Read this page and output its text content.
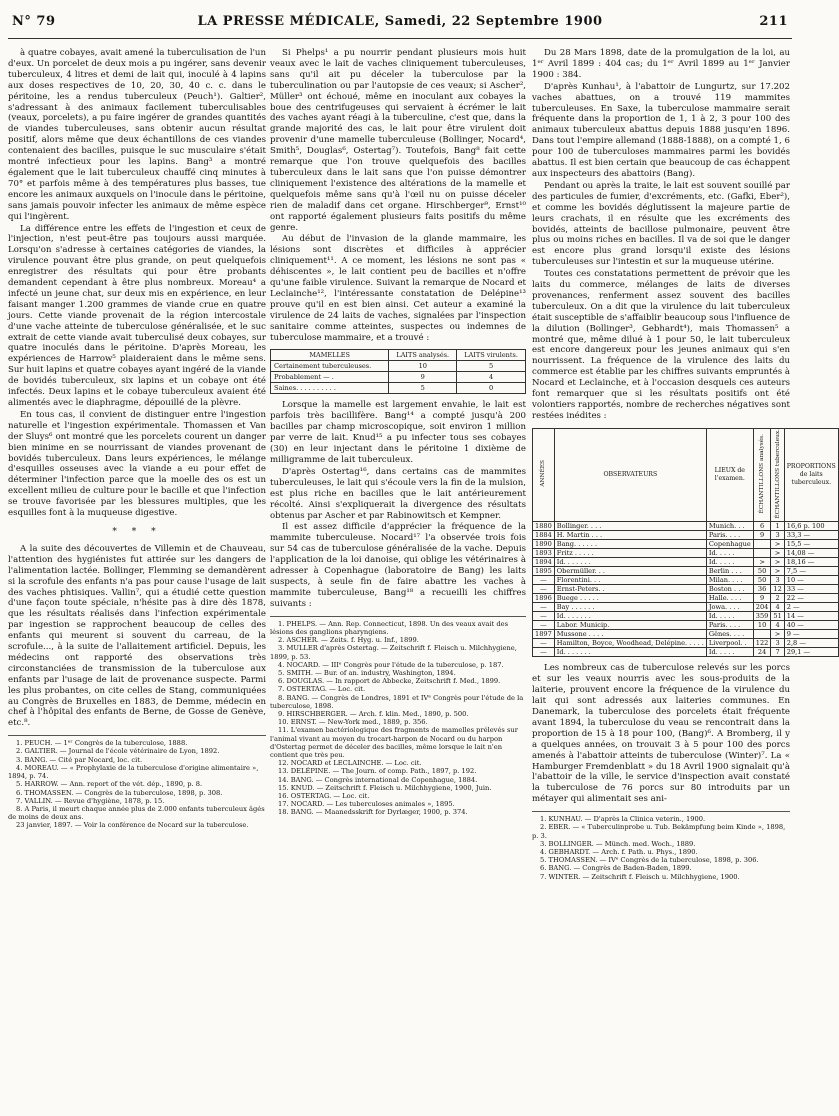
N° 79	LA PRESSE MÉDICALE, Samedi, 22 Septembre 1900	211

à quatre cobayes, avait amené la tuberculisation de l'un d'eux. Un porcelet de deux mois a pu ingérer, sans devenir tuberculeux, 4 litres et demi de lait qui, inoculé à 4 lapins aux doses respectives de 10, 20, 30, 40 c. c. dans le péritoine, les a rendus tuberculeux (Peuch¹). Galtier², s'adressant à des animaux facilement tuberculisables (veaux, porcelets), a pu faire ingérer de grandes quantités de viandes tuberculeuses, sans obtenir aucun résultat positif, alors même que deux échantillons de ces viandes contenaient des bacilles, puisque le suc musculaire s'était montré infectieux pour les lapins. Bang³ a montré également que le lait tuberculeux chauffé cinq minutes à 70° et parfois même à des températures plus basses, tue encore les animaux auxquels on l'inocule dans le péritoine, sans jamais pouvoir infecter les animaux de même espèce qui l'ingèrent.

La différence entre les effets de l'ingestion et ceux de l'injection, n'est peut-être pas toujours aussi marquée. Lorsqu'on s'adresse à certaines catégories de viandes, la virulence pouvant être plus grande, on peut quelquefois enregistrer des résultats qui pour être probants demandent cependant à être plus nombreux. Moreau⁴ a infecté un jeune chat, sur deux mis en expérience, en leur faisant manger 1.200 grammes de viande crue en quatre jours. Cette viande provenait de la région intercostale d'une vache atteinte de tuberculose généralisée, et le suc extrait de cette viande avait tuberculisé deux cobayes, sur quatre inoculés dans le péritoine. D'après Moreau, les expériences de Harrow⁵ plaideraient dans le même sens. Sur huit lapins et quatre cobayes ayant ingéré de la viande de bovidés tuberculeux, six lapins et un cobaye ont été infectés. Deux lapins et le cobaye tuberculeux avaient été alimentés avec le diaphragme, dépouillé de la plèvre.

En tous cas, il convient de distinguer entre l'ingestion naturelle et l'ingestion expérimentale. Thomassen et Van der Sluys⁶ ont montré que les porcelets courent un danger bien minime en se nourrissant de viandes provenant de bovidés tuberculeux. Dans leurs expériences, le mélange d'esquilles osseuses avec la viande a eu pour effet de déterminer l'infection parce que la moelle des os est un excellent milieu de culture pour le bacille et que l'infection se trouve favorisée par les blessures multiples, que les esquilles font à la muqueuse digestive.

* * *

A la suite des découvertes de Villemin et de Chauveau, l'attention des hygiénistes fut attirée sur les dangers de l'alimentation lactée. Bollinger, Flemming se demandèrent si la scrofule des enfants n'a pas pour cause l'usage de lait des vaches phtisiques. Vallin⁷, qui a étudié cette question d'une façon toute spéciale, n'hésite pas à dire dès 1878, que les résultats réalisés dans l'infection expérimentale par ingestion se rapprochent beaucoup de celles des enfants qui meurent si souvent du carreau, de la scrofule..., à la suite de l'allaitement artificiel. Depuis, les médecins ont rapporté des observations très circonstanciées de transmission de la tuberculose aux enfants par l'usage de lait de provenance suspecte. Parmi les plus probantes, on cite celles de Stang, communiquées au Congrès de Bruxelles en 1883, de Demme, médecin en chef à l'hôpital des enfants de Berne, de Gosse de Genève, etc.⁸.

1. PEUCH. — 1ᵉʳ Congrès de la tuberculose, 1888.
2. GALTIER. — Journal de l'école vétérinaire de Lyon, 1892.
3. BANG. — Cité par Nocard, loc. cit.
4. MOREAU. — « Prophylaxie de la tuberculose d'origine alimentaire », 1894, p. 74.
5. HARROW. — Ann. report of the vét. dép., 1890, p. 8.
6. THOMASSEN. — Congrès de la tuberculose, 1898, p. 308.
7. VALLIN. — Revue d'hygiène, 1878, p. 15.
8. A Paris, il meurt chaque année plus de 2.000 enfants tuberculeux âgés de moins de deux ans.
23 janvier, 1897. — Voir la conférence de Nocard sur la tuberculose.

Si Phelps¹ a pu nourrir pendant plusieurs mois huit veaux avec le lait de vaches cliniquement tuberculeuses, sans qu'il ait pu déceler la tuberculose par la tuberculination ou par l'autopsie de ces veaux; si Ascher², Müller³ ont échoué, même en inoculant aux cobayes la boue des centrifugeuses qui servaient à écrémer le lait des vaches ayant réagi à la tuberculine, c'est que, dans la grande majorité des cas, le lait pour être virulent doit provenir d'une mamelle tuberculeuse (Bollinger, Nocard⁴, Smith⁵, Douglas⁶, Ostertag⁷). Toutefois, Bang⁸ fait cette remarque que l'on trouve quelquefois des bacilles tuberculeux dans le lait sans que l'on puisse démontrer cliniquement l'existence des altérations de la mamelle et quelquefois même sans qu'à l'œil nu on puisse déceler rien de maladif dans cet organe. Hirschberger⁹, Ernst¹⁰ ont rapporté également plusieurs faits positifs du même genre.

Au début de l'invasion de la glande mammaire, les lésions sont discrètes et difficiles à apprécier cliniquement¹¹. A ce moment, les lésions ne sont pas « déhiscentes », le lait contient peu de bacilles et n'offre qu'une faible virulence. Suivant la remarque de Nocard et Leclainche¹², l'intéressante constatation de Delépine¹³ prouve qu'il en est bien ainsi. Cet auteur a examiné la virulence de 24 laits de vaches, signalées par l'inspection sanitaire comme atteintes, suspectes ou indemnes de tuberculose mammaire, et a trouvé :

MAMELLES	LAITS analysés.	LAITS virulents.
Certainement tuberculeuses.	10	5
Probablement — .	9	4
Saines. . . . . . . . . .	5	0

Lorsque la mamelle est largement envahie, le lait est parfois très bacillifère. Bang¹⁴ a compté jusqu'à 200 bacilles par champ microscopique, soit environ 1 million par verre de lait. Knud¹⁵ a pu infecter tous ses cobayes (30) en leur injectant dans le péritoine 1 dixième de milligramme de lait tuberculeux.

D'après Ostertag¹⁶, dans certains cas de mammites tuberculeuses, le lait qui s'écoule vers la fin de la mulsion, est plus riche en bacilles que le lait antérieurement récolté. Ainsi s'expliquerait la divergence des résultats obtenus par Ascher et par Rabinowitsch et Kempner.

Il est assez difficile d'apprécier la fréquence de la mammite tuberculeuse. Nocard¹⁷ l'a observée trois fois sur 54 cas de tuberculose généralisée de la vache. Depuis l'application de la loi danoise, qui oblige les vétérinaires à adresser à Copenhague (laboratoire de Bang) les laits suspects, à seule fin de faire abattre les vaches à mammite tuberculeuse, Bang¹⁸ a recueilli les chiffres suivants :

1. PHELPS. — Ann. Rep. Connecticut, 1898. Un des veaux avait des lésions des ganglions pharyngiens.
2. ASCHER. — Zeits. f. Hyg. u. Inf., 1899.
3. MULLER d'après Ostertag. — Zeitschrift f. Fleisch u. Milchhygiene, 1899, p. 53.
4. NOCARD. — IIIᵉ Congrès pour l'étude de la tuberculose, p. 187.
5. SMITH. — Bur. of an. industry, Washington, 1894.
6. DOUGLAS. — In rapport de Abbecke, Zeitschrift f. Med., 1899.
7. OSTERTAG. — Loc. cit.
8. BANG. — Congrès de Londres, 1891 et IVᵉ Congrès pour l'étude de la tuberculose, 1898.
9. HIRSCHBERGER. — Arch. f. klin. Med., 1890, p. 500.
10. ERNST. — New-York med., 1889, p. 356.
11. L'examen bactériologique des fragments de mamelles prélevés sur l'animal vivant au moyen du trocart-harpon de Nocard ou du harpon d'Ostertag permet de déceler des bacilles, même lorsque le lait n'en contient que très peu.
12. NOCARD et LECLAINCHE. — Loc. cit.
13. DELÉPINE. — The Journ. of comp. Path., 1897, p. 192.
14. BANG. — Congrès international de Copenhague, 1884.
15. KNUD. — Zeitschrift f. Fleisch u. Milchhygiene, 1900, Juin.
16. OSTERTAG. — Loc. cit.
17. NOCARD. — Les tuberculoses animales », 1895.
18. BANG. — Maanedsskrift for Dyrlæger, 1900, p. 374.

Du 28 Mars 1898, date de la promulgation de la loi, au 1ᵉʳ Avril 1899 : 404 cas; du 1ᵉʳ Avril 1899 au 1ᵉʳ Janvier 1900 : 384.

D'après Kunhau¹, à l'abattoir de Lungurtz, sur 17.202 vaches abattues, on a trouvé 119 mammites tuberculeuses. En Saxe, la tuberculose mammaire serait fréquente dans la proportion de 1, 1 à 2, 3 pour 100 des animaux tuberculeux abattus depuis 1888 jusqu'en 1896. Dans tout l'empire allemand (1888-1888), on a compté 1, 6 pour 100 de tuberculoses mammaires parmi les bovidés abattus. Il est bien certain que beaucoup de cas échappent aux inspecteurs des abattoirs (Bang).

Pendant ou après la traite, le lait est souvent souillé par des particules de fumier, d'excréments, etc. (Gafki, Eber²), et comme les bovidés déglutissent la majeure partie de leurs crachats, il en résulte que les excréments des bovidés, atteints de bacillose pulmonaire, peuvent être plus ou moins riches en bacilles. Il va de soi que le danger est encore plus grand lorsqu'il existe des lésions tuberculeuses sur l'intestin et sur la muqueuse utérine.

Toutes ces constatations permettent de prévoir que les laits du commerce, mélanges de laits de diverses provenances, renferment assez souvent des bacilles tuberculeux. On a dit que la virulence du lait tuberculeux était susceptible de s'affaiblir beaucoup sous l'influence de la dilution (Bollinger³, Gebhardt⁴), mais Thomassen⁵ a montré que, même dilué à 1 pour 50, le lait tuberculeux est encore dangereux pour les jeunes animaux qui s'en nourrissent. La fréquence de la virulence des laits du commerce est établie par les chiffres suivants empruntés à Nocard et Leclainche, et à l'occasion desquels ces auteurs font remarquer que si les résultats positifs ont été volontiers rapportés, nombre de recherches négatives sont restées inédites :

ANNÉES	OBSERVATEURS	LIEUX de l'examen.	ÉCHANTILLONS analysés.	ÉCHANTILLONS tuberculeux.	PROPORTIONS de laits tuberculeux.
1880	Bollinger. . . .	Munich. . .	6	1	16,6 p. 100
1884	H. Martin . . .	Paris. . . .	9	3	33,3 —
1890	Bang. . . . . .	Copenhague		>	15,5 —
1893	Fritz . . . . .	Id. . . . .		>	14,08 —
1894	Id. . . . . . .	Id. . . . .	>	>	18,16 —
1895	Obermüller. . .	Berlin . . .	50	>	7,5 —
—	Florentini. . .	Milan. . . .	50	3	10 —
—	Ernst-Peters. .	Boston . . .	36	12	33 —
1896	Buege . . . . .	Halle. . . .	9	2	22 —
—	Bay . . . . . .	Jowa. . . .	204	4	2 —
—	Id. . . . . . .	Id. . . . .	359	51	14 —
—	Labor. Municip.	Paris. . . .	10	4	40 —
1897	Mussone . . . .	Gênes. . . .		>	9 —
—	Hamilton, Boyce, Woodhead, Delépine. . . . .	Liverpool. .	122	3	2,8 —
—	Id. . . . . . .	Id. . . . .	24	7	29,1 —

Les nombreux cas de tuberculose relevés sur les porcs et sur les veaux nourris avec les sous-produits de la laiterie, prouvent encore la fréquence de la virulence du lait qui sont adressés aux laiteries communes. En Danemark, la tuberculose des porcelets était fréquente avant 1894, la tuberculose du veau se rencontrait dans la proportion de 15 à 18 pour 100, (Bang)⁶. A Bromberg, il y a quelques années, on trouvait 3 à 5 pour 100 des porcs amenés à l'abattoir atteints de tuberculose (Winter)⁷. La « Hamburger Fremdenblatt » du 18 Avril 1900 signalait qu'à l'abattoir de la ville, le service d'inspection avait constaté la tuberculose de 76 porcs sur 80 introduits par un métayer qui alimentait ses ani-

1. KUNHAU. — D'après la Clinica veterin., 1900.
2. EBER. — « Tuberculinprobe u. Tub. Bekämpfung beim Kinde », 1898, p. 3.
3. BOLLINGER. — Münch. med. Woch., 1889.
4. GEBHARDT. — Arch. f. Path. u. Phys., 1890.
5. THOMASSEN. — IVᵉ Congrès de la tuberculose, 1898, p. 306.
6. BANG. — Congrès de Baden-Baden, 1899.
7. WINTER. — Zeitschrift f. Fleisch u. Milchhygiene, 1900.
